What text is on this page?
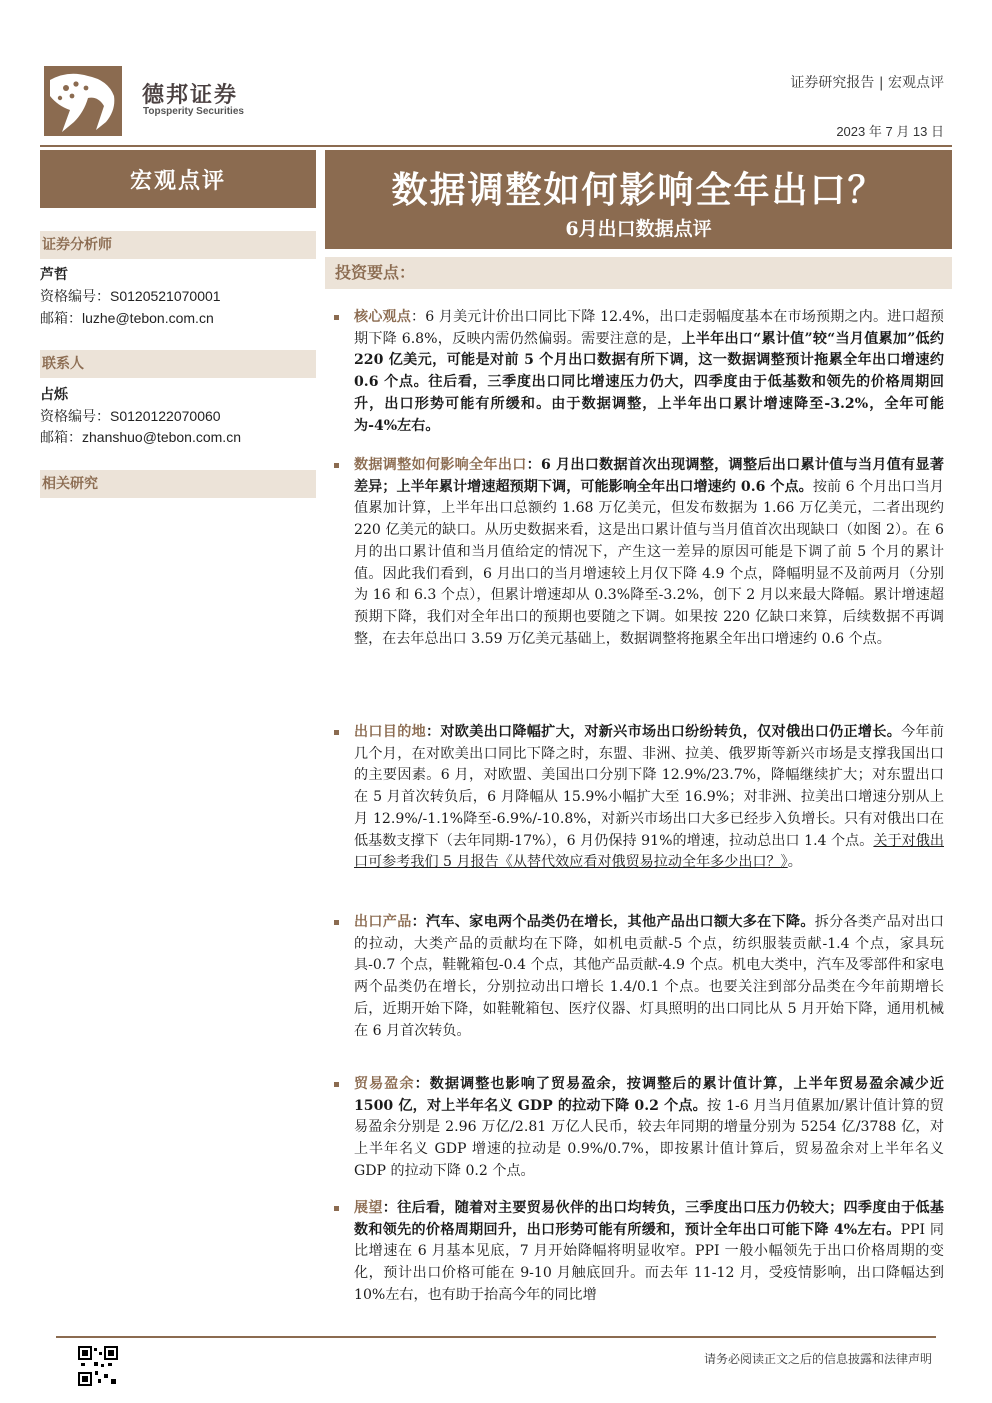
德邦证券
Topsperity Securities
证券研究报告 | 宏观点评
2023 年 7 月 13 日
宏观点评	数据调整如何影响全年出口？
6月出口数据点评
证券分析师
芦哲
资格编号：S0120521070001
邮箱：luzhe@tebon.com.cn
联系人
占烁
资格编号：S0120122070060
邮箱：zhanshuo@tebon.com.cn
相关研究
投资要点：
核心观点：6 月美元计价出口同比下降 12.4%，出口走弱幅度基本在市场预期之内。进口超预期下降 6.8%，反映内需仍然偏弱。需要注意的是，上半年出口“累计值”较“当月值累加”低约 220 亿美元，可能是对前 5 个月出口数据有所下调，这一数据调整预计拖累全年出口增速约 0.6 个点。往后看，三季度出口同比增速压力仍大，四季度由于低基数和领先的价格周期回升，出口形势可能有所缓和。由于数据调整，上半年出口累计增速降至-3.2%，全年可能为-4%左右。
数据调整如何影响全年出口：6 月出口数据首次出现调整，调整后出口累计值与当月值有显著差异；上半年累计增速超预期下调，可能影响全年出口增速约 0.6 个点。按前 6 个月出口当月值累加计算，上半年出口总额约 1.68 万亿美元，但发布数据为 1.66 万亿美元，二者出现约 220 亿美元的缺口。从历史数据来看，这是出口累计值与当月值首次出现缺口（如图 2）。在 6 月的出口累计值和当月值给定的情况下，产生这一差异的原因可能是下调了前 5 个月的累计值。因此我们看到，6 月出口的当月增速较上月仅下降 4.9 个点，降幅明显不及前两月（分别为 16 和 6.3 个点），但累计增速却从 0.3%降至-3.2%，创下 2 月以来最大降幅。累计增速超预期下降，我们对全年出口的预期也要随之下调。如果按 220 亿缺口来算，后续数据不再调整，在去年总出口 3.59 万亿美元基础上，数据调整将拖累全年出口增速约 0.6 个点。
出口目的地：对欧美出口降幅扩大，对新兴市场出口纷纷转负，仅对俄出口仍正增长。今年前几个月，在对欧美出口同比下降之时，东盟、非洲、拉美、俄罗斯等新兴市场是支撑我国出口的主要因素。6 月，对欧盟、美国出口分别下降 12.9%/23.7%，降幅继续扩大；对东盟出口在 5 月首次转负后，6 月降幅从 15.9%小幅扩大至 16.9%；对非洲、拉美出口增速分别从上月 12.9%/-1.1%降至-6.9%/-10.8%，对新兴市场出口大多已经步入负增长。只有对俄出口在低基数支撑下（去年同期-17%），6 月仍保持 91%的增速，拉动总出口 1.4 个点。关于对俄出口可参考我们 5 月报告《从替代效应看对俄贸易拉动全年多少出口？》。
出口产品：汽车、家电两个品类仍在增长，其他产品出口额大多在下降。拆分各类产品对出口的拉动，大类产品的贡献均在下降，如机电贡献-5 个点，纺织服装贡献-1.4 个点，家具玩具-0.7 个点，鞋靴箱包-0.4 个点，其他产品贡献-4.9 个点。机电大类中，汽车及零部件和家电两个品类仍在增长，分别拉动出口增长 1.4/0.1 个点。也要关注到部分品类在今年前期增长后，近期开始下降，如鞋靴箱包、医疗仪器、灯具照明的出口同比从 5 月开始下降，通用机械在 6 月首次转负。
贸易盈余：数据调整也影响了贸易盈余，按调整后的累计值计算，上半年贸易盈余减少近 1500 亿，对上半年名义 GDP 的拉动下降 0.2 个点。按 1-6 月当月值累加/累计值计算的贸易盈余分别是 2.96 万亿/2.81 万亿人民币，较去年同期的增量分别为 5254 亿/3788 亿，对上半年名义 GDP 增速的拉动是 0.9%/0.7%，即按累计值计算后，贸易盈余对上半年名义 GDP 的拉动下降 0.2 个点。
展望：往后看，随着对主要贸易伙伴的出口均转负，三季度出口压力仍较大；四季度由于低基数和领先的价格周期回升，出口形势可能有所缓和，预计全年出口可能下降 4%左右。PPI 同比增速在 6 月基本见底，7 月开始降幅将明显收窄。PPI 一般小幅领先于出口价格周期的变化，预计出口价格可能在 9-10 月触底回升。而去年 11-12 月，受疫情影响，出口降幅达到 10%左右，也有助于抬高今年的同比增
请务必阅读正文之后的信息披露和法律声明
